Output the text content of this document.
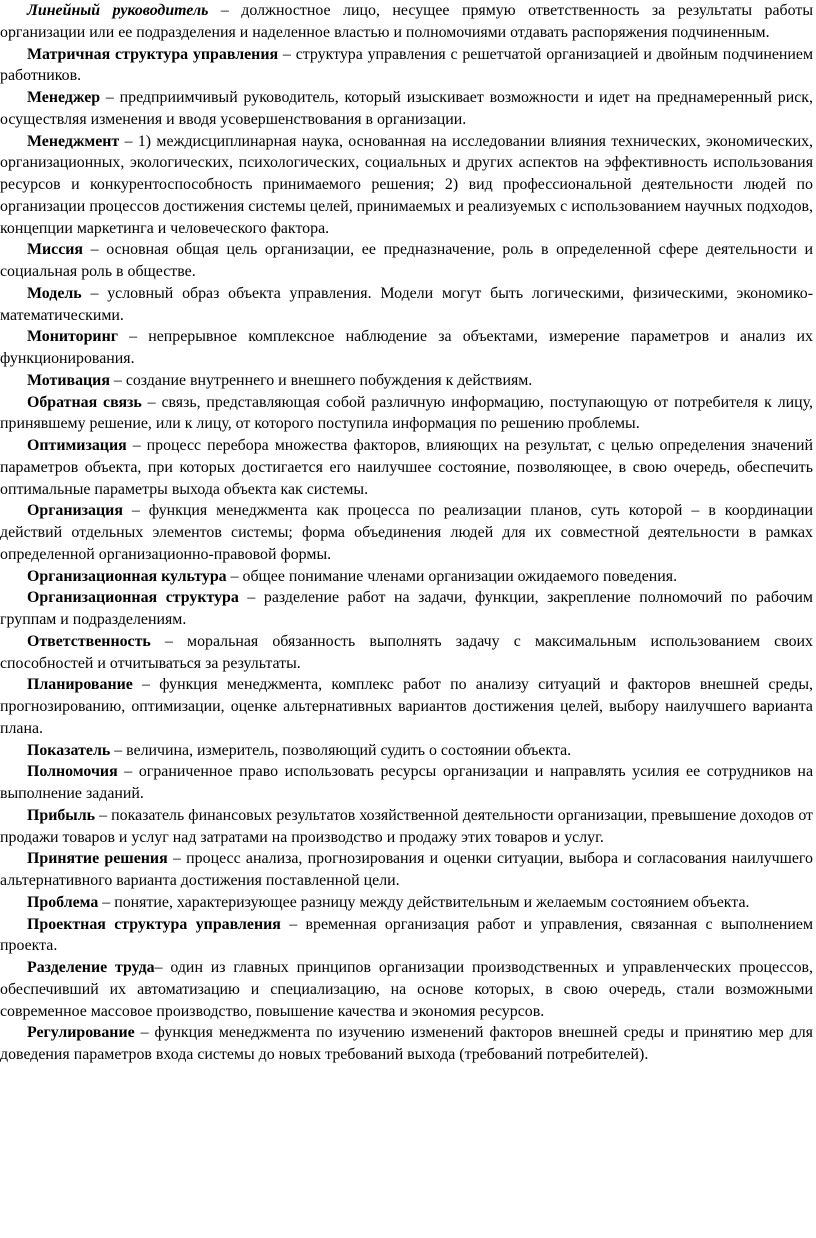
Линейный руководитель – должностное лицо, несущее прямую ответственность за результаты работы организации или ее подразделения и наделенное властью и полномочиями отдавать распоряжения подчиненным.

Матричная структура управления – структура управления с решетчатой организацией и двойным подчинением работников.

Менеджер – предприимчивый руководитель, который изыскивает возможности и идет на преднамеренный риск, осуществляя изменения и вводя усовершенствования в организации.

Менеджмент – 1) междисциплинарная наука, основанная на исследовании влияния технических, экономических, организационных, экологических, психологических, социальных и других аспектов на эффективность использования ресурсов и конкурентоспособность принимаемого решения; 2) вид профессиональной деятельности людей по организации процессов достижения системы целей, принимаемых и реализуемых с использованием научных подходов, концепции маркетинга и человеческого фактора.

Миссия – основная общая цель организации, ее предназначение, роль в определенной сфере деятельности и социальная роль в обществе.

Модель – условный образ объекта управления. Модели могут быть логическими, физическими, экономико-математическими.

Мониторинг – непрерывное комплексное наблюдение за объектами, измерение параметров и анализ их функционирования.

Мотивация – создание внутреннего и внешнего побуждения к действиям.

Обратная связь – связь, представляющая собой различную информацию, поступающую от потребителя к лицу, принявшему решение, или к лицу, от которого поступила информация по решению проблемы.

Оптимизация – процесс перебора множества факторов, влияющих на результат, с целью определения значений параметров объекта, при которых достигается его наилучшее состояние, позволяющее, в свою очередь, обеспечить оптимальные параметры выхода объекта как системы.

Организация – функция менеджмента как процесса по реализации планов, суть которой – в координации действий отдельных элементов системы; форма объединения людей для их совместной деятельности в рамках определенной организационно-правовой формы.

Организационная культура – общее понимание членами организации ожидаемого поведения.

Организационная структура – разделение работ на задачи, функции, закрепление полномочий по рабочим группам и подразделениям.

Ответственность – моральная обязанность выполнять задачу с максимальным использованием своих способностей и отчитываться за результаты.

Планирование – функция менеджмента, комплекс работ по анализу ситуаций и факторов внешней среды, прогнозированию, оптимизации, оценке альтернативных вариантов достижения целей, выбору наилучшего варианта плана.

Показатель – величина, измеритель, позволяющий судить о состоянии объекта.

Полномочия – ограниченное право использовать ресурсы организации и направлять усилия ее сотрудников на выполнение заданий.

Прибыль – показатель финансовых результатов хозяйственной деятельности организации, превышение доходов от продажи товаров и услуг над затратами на производство и продажу этих товаров и услуг.

Принятие решения – процесс анализа, прогнозирования и оценки ситуации, выбора и согласования наилучшего альтернативного варианта достижения поставленной цели.

Проблема – понятие, характеризующее разницу между действительным и желаемым состоянием объекта.

Проектная структура управления – временная организация работ и управления, связанная с выполнением проекта.

Разделение труда– один из главных принципов организации производственных и управленческих процессов, обеспечивший их автоматизацию и специализацию, на основе которых, в свою очередь, стали возможными современное массовое производство, повышение качества и экономия ресурсов.

Регулирование – функция менеджмента по изучению изменений факторов внешней среды и принятию мер для доведения параметров входа системы до новых требований выхода (требований потребителей).
